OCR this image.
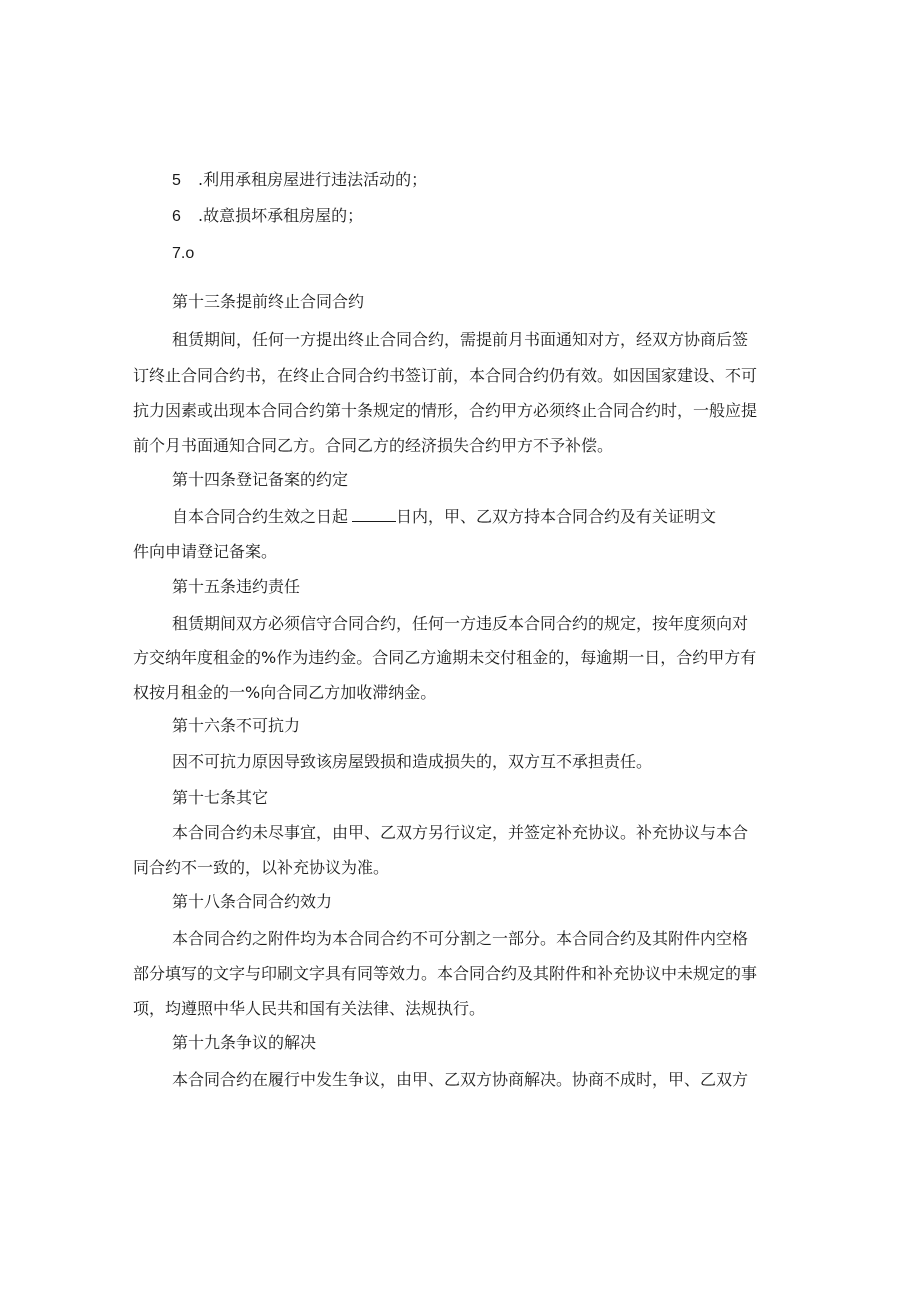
5 .利用承租房屋进行违法活动的；
6 .故意损坏承租房屋的；
7.o
第十三条提前终止合同合约
租赁期间，任何一方提出终止合同合约，需提前月书面通知对方，经双方协商后签
订终止合同合约书，在终止合同合约书签订前，本合同合约仍有效。如因国家建设、不可
抗力因素或出现本合同合约第十条规定的情形，合约甲方必须终止合同合约时，一般应提
前个月书面通知合同乙方。合同乙方的经济损失合约甲方不予补偿。
第十四条登记备案的约定
自本合同合约生效之日起	日内，甲、乙双方持本合同合约及有关证明文
件向申请登记备案。
第十五条违约责任
租赁期间双方必须信守合同合约，任何一方违反本合同合约的规定，按年度须向对
方交纳年度租金的%作为违约金。合同乙方逾期未交付租金的，每逾期一日，合约甲方有
权按月租金的一%向合同乙方加收滞纳金。
第十六条不可抗力
因不可抗力原因导致该房屋毁损和造成损失的，双方互不承担责任。
第十七条其它
本合同合约未尽事宜，由甲、乙双方另行议定，并签定补充协议。补充协议与本合
同合约不一致的，以补充协议为准。
第十八条合同合约效力
本合同合约之附件均为本合同合约不可分割之一部分。本合同合约及其附件内空格
部分填写的文字与印刷文字具有同等效力。本合同合约及其附件和补充协议中未规定的事
项，均遵照中华人民共和国有关法律、法规执行。
第十九条争议的解决
本合同合约在履行中发生争议，由甲、乙双方协商解决。协商不成时，甲、乙双方
